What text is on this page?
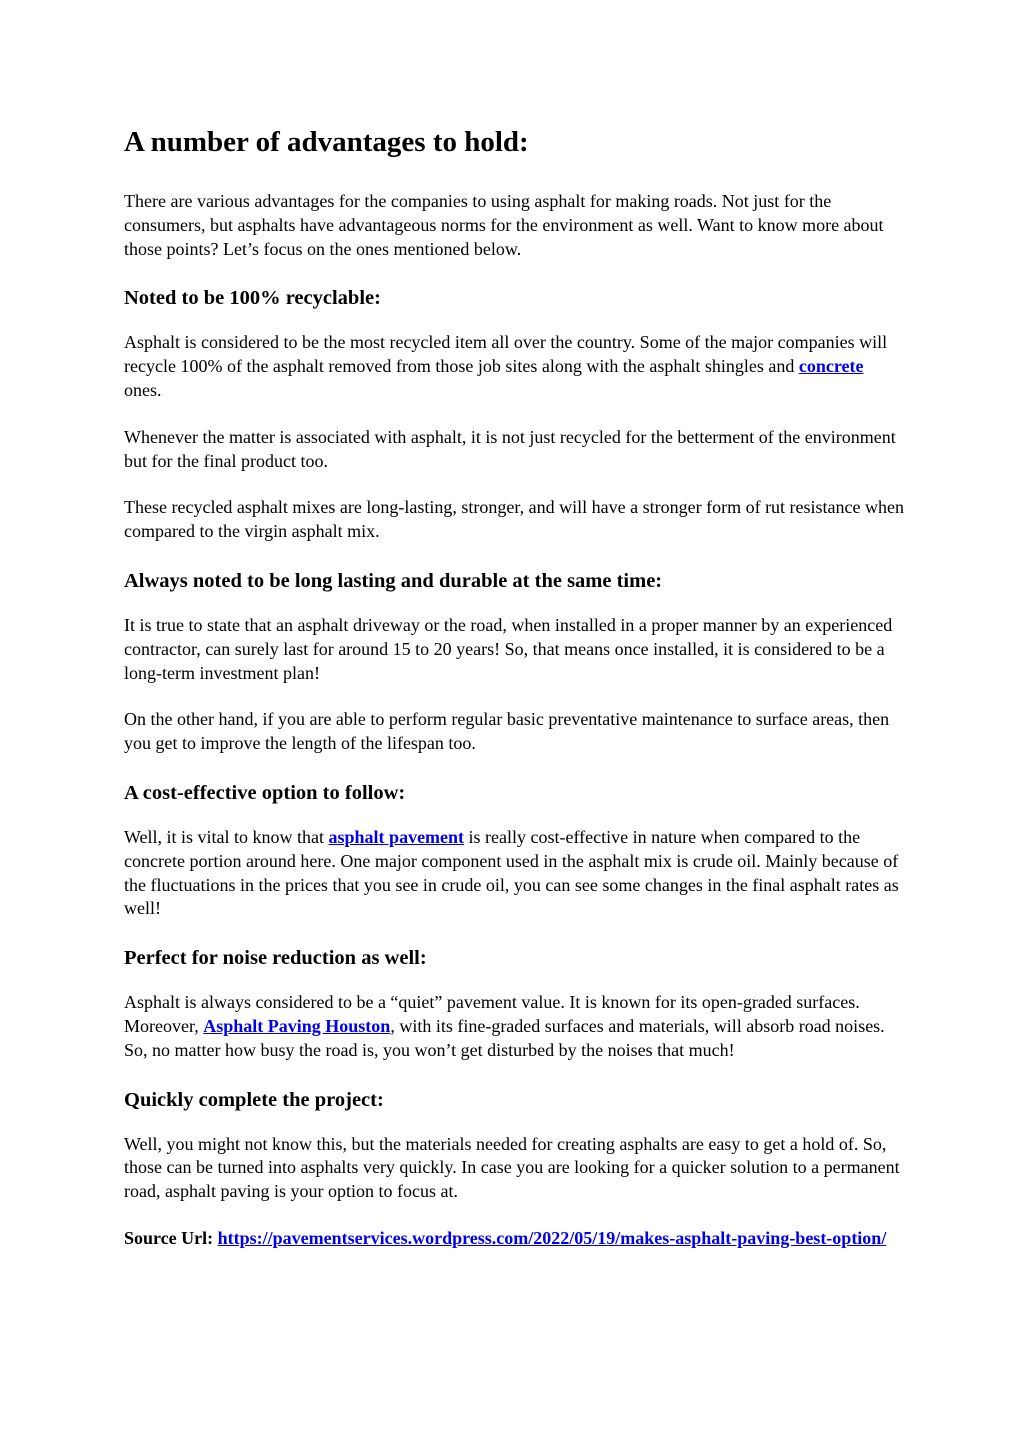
A number of advantages to hold:

There are various advantages for the companies to using asphalt for making roads. Not just for the consumers, but asphalts have advantageous norms for the environment as well. Want to know more about those points? Let’s focus on the ones mentioned below.

Noted to be 100% recyclable:

Asphalt is considered to be the most recycled item all over the country. Some of the major companies will recycle 100% of the asphalt removed from those job sites along with the asphalt shingles and concrete ones.

Whenever the matter is associated with asphalt, it is not just recycled for the betterment of the environment but for the final product too.

These recycled asphalt mixes are long-lasting, stronger, and will have a stronger form of rut resistance when compared to the virgin asphalt mix.

Always noted to be long lasting and durable at the same time:

It is true to state that an asphalt driveway or the road, when installed in a proper manner by an experienced contractor, can surely last for around 15 to 20 years! So, that means once installed, it is considered to be a long-term investment plan!

On the other hand, if you are able to perform regular basic preventative maintenance to surface areas, then you get to improve the length of the lifespan too.

A cost-effective option to follow:

Well, it is vital to know that asphalt pavement is really cost-effective in nature when compared to the concrete portion around here. One major component used in the asphalt mix is crude oil. Mainly because of the fluctuations in the prices that you see in crude oil, you can see some changes in the final asphalt rates as well!

Perfect for noise reduction as well:

Asphalt is always considered to be a “quiet” pavement value. It is known for its open-graded surfaces. Moreover, Asphalt Paving Houston, with its fine-graded surfaces and materials, will absorb road noises. So, no matter how busy the road is, you won’t get disturbed by the noises that much!

Quickly complete the project:

Well, you might not know this, but the materials needed for creating asphalts are easy to get a hold of. So, those can be turned into asphalts very quickly. In case you are looking for a quicker solution to a permanent road, asphalt paving is your option to focus at.

Source Url: https://pavementservices.wordpress.com/2022/05/19/makes-asphalt-paving-best-option/
